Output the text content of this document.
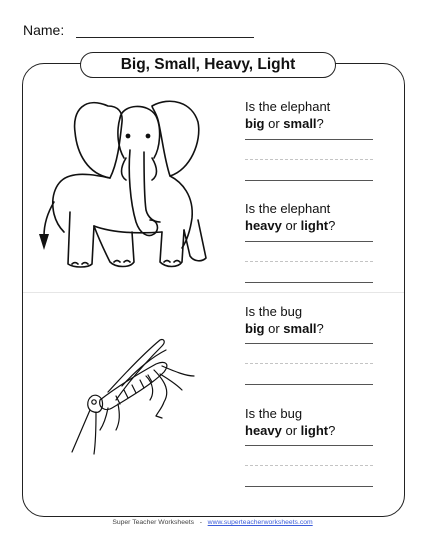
Name:
Big, Small, Heavy, Light
Is the elephant
big or small?
Is the elephant
heavy or light?
Is the bug
big or small?
Is the bug
heavy or light?
Super Teacher Worksheets - www.superteacherworksheets.com
